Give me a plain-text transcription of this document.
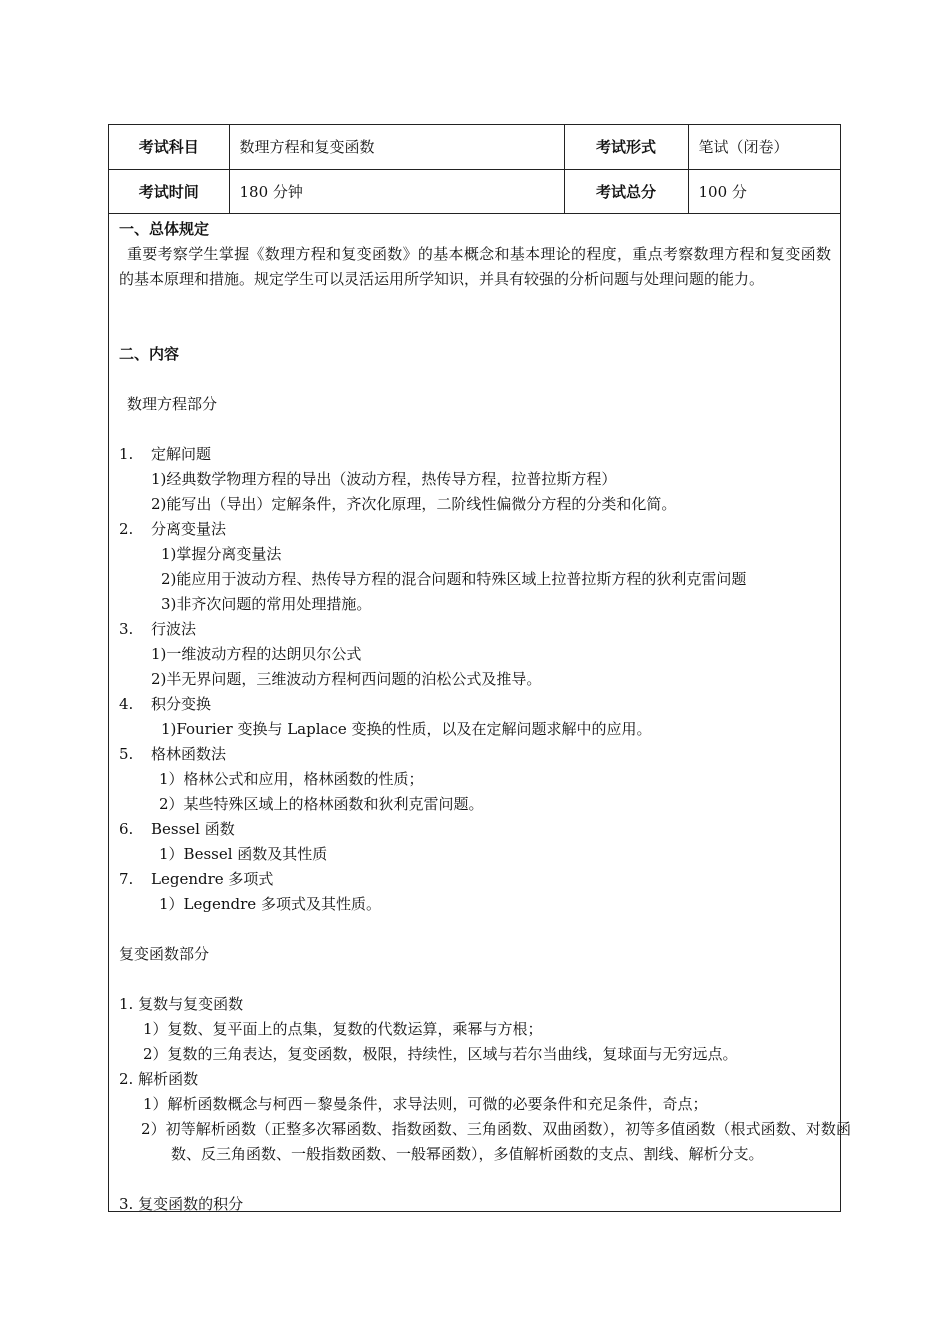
考试科目	数理方程和复变函数	考试形式	笔试（闭卷）
考试时间	180 分钟	考试总分	100 分
一、总体规定
重要考察学生掌握《数理方程和复变函数》的基本概念和基本理论的程度，重点考察数理方程和复变函数的基本原理和措施。规定学生可以灵活运用所学知识，并具有较强的分析问题与处理问题的能力。
二、内容
数理方程部分
1. 定解问题
1)经典数学物理方程的导出（波动方程，热传导方程，拉普拉斯方程）
2)能写出（导出）定解条件，齐次化原理，二阶线性偏微分方程的分类和化简。
2. 分离变量法
1)掌握分离变量法
2)能应用于波动方程、热传导方程的混合问题和特殊区域上拉普拉斯方程的狄利克雷问题
3)非齐次问题的常用处理措施。
3. 行波法
1)一维波动方程的达朗贝尔公式
2)半无界问题，三维波动方程柯西问题的泊松公式及推导。
4. 积分变换
1)Fourier 变换与 Laplace 变换的性质，以及在定解问题求解中的应用。
5. 格林函数法
1）格林公式和应用，格林函数的性质；
2）某些特殊区域上的格林函数和狄利克雷问题。
6. Bessel 函数
1）Bessel 函数及其性质
7. Legendre 多项式
1）Legendre 多项式及其性质。
复变函数部分
1. 复数与复变函数
1）复数、复平面上的点集，复数的代数运算，乘幂与方根；
2）复数的三角表达，复变函数，极限，持续性，区域与若尔当曲线，复球面与无穷远点。
2. 解析函数
1）解析函数概念与柯西－黎曼条件，求导法则，可微的必要条件和充足条件，奇点；
2）初等解析函数（正整多次幂函数、指数函数、三角函数、双曲函数），初等多值函数（根式函数、对数函数、反三角函数、一般指数函数、一般幂函数），多值解析函数的支点、割线、解析分支。
3. 复变函数的积分
